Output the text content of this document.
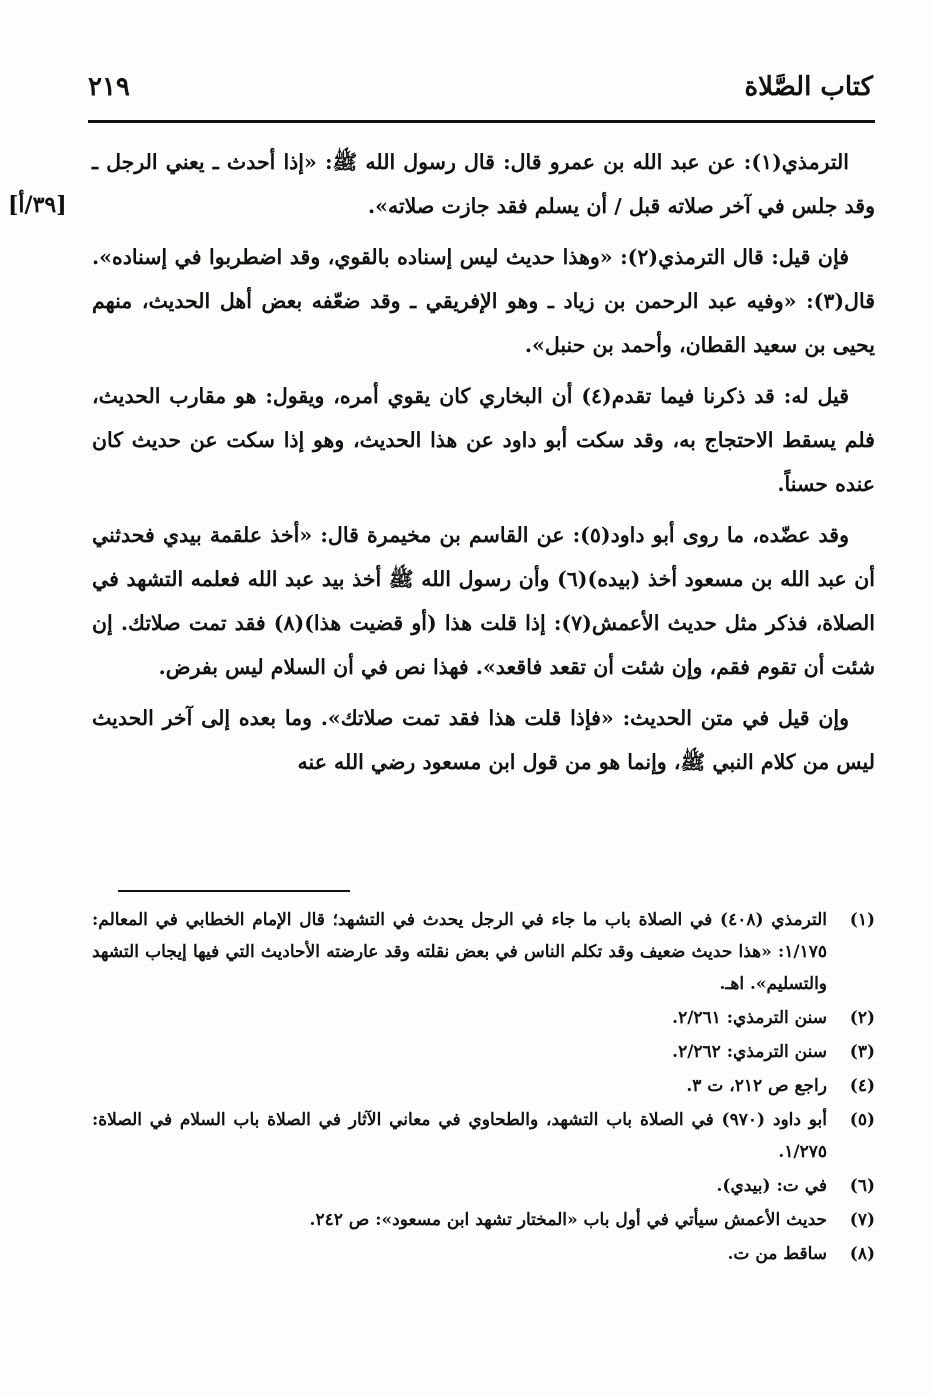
كتاب الصَّلاة
٢١٩
[٣٩/أ]

الترمذي(١): عن عبد الله بن عمرو قال: قال رسول الله ﷺ: «إذا أحدث ـ يعني الرجل ـ وقد جلس في آخر صلاته قبل / أن يسلم فقد جازت صلاته».

فإن قيل: قال الترمذي(٢): «وهذا حديث ليس إسناده بالقوي، وقد اضطربوا في إسناده». قال(٣): «وفيه عبد الرحمن بن زياد ـ وهو الإفريقي ـ وقد ضعّفه بعض أهل الحديث، منهم يحيى بن سعيد القطان، وأحمد بن حنبل».

قيل له: قد ذكرنا فيما تقدم(٤) أن البخاري كان يقوي أمره، ويقول: هو مقارب الحديث، فلم يسقط الاحتجاج به، وقد سكت أبو داود عن هذا الحديث، وهو إذا سكت عن حديث كان عنده حسناً.

وقد عضّده، ما روى أبو داود(٥): عن القاسم بن مخيمرة قال: «أخذ علقمة بيدي فحدثني أن عبد الله بن مسعود أخذ (بيده)(٦) وأن رسول الله ﷺ أخذ بيد عبد الله فعلمه التشهد في الصلاة، فذكر مثل حديث الأعمش(٧): إذا قلت هذا (أو قضيت هذا)(٨) فقد تمت صلاتك. إن شئت أن تقوم فقم، وإن شئت أن تقعد فاقعد». فهذا نص في أن السلام ليس بفرض.

وإن قيل في متن الحديث: «فإذا قلت هذا فقد تمت صلاتك». وما بعده إلى آخر الحديث ليس من كلام النبي ﷺ، وإنما هو من قول ابن مسعود رضي الله عنه

(١)
الترمذي (٤٠٨) في الصلاة باب ما جاء في الرجل يحدث في التشهد؛ قال الإمام الخطابي في المعالم: ١/١٧٥: «هذا حديث ضعيف وقد تكلم الناس في بعض نقلته وقد عارضته الأحاديث التي فيها إيجاب التشهد والتسليم». اهـ.
(٢)
سنن الترمذي: ٢/٢٦١.
(٣)
سنن الترمذي: ٢/٢٦٢.
(٤)
راجع ص ٢١٢، ت ٣.
(٥)
أبو داود (٩٧٠) في الصلاة باب التشهد، والطحاوي في معاني الآثار في الصلاة باب السلام في الصلاة: ١/٢٧٥.
(٦)
في ت: (بيدي).
(٧)
حديث الأعمش سيأتي في أول باب «المختار تشهد ابن مسعود»: ص ٢٤٢.
(٨)
ساقط من ت.
